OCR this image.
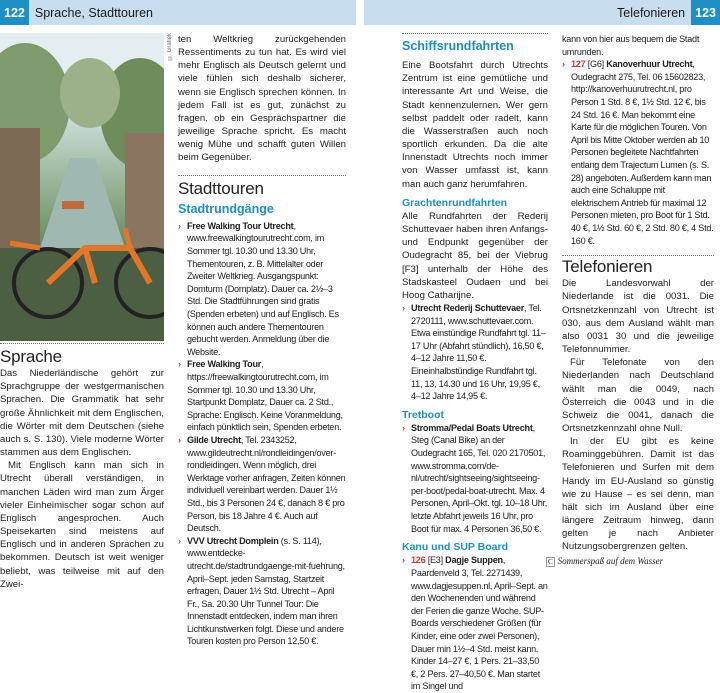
122 Sprache, Stadttouren	Telefonieren 123
© Grafiek
Sprache

Das Niederländische gehört zur Sprachgruppe der westgermanischen Sprachen. Die Grammatik hat sehr große Ähnlichkeit mit dem Englischen, die Wörter mit dem Deutschen (siehe auch s. S. 130). Viele moderne Wörter stammen aus dem Englischen.

Mit Englisch kann man sich in Utrecht überall verständigen, in manchen Läden wird man zum Ärger vieler Einheimischer sogar schon auf Englisch angesprochen. Auch Speisekarten sind meistens auf Englisch und in anderen Sprachen zu bekommen. Deutsch ist weit weniger beliebt, was teilweise mit auf den Zwei-

ten Weltkrieg zurückgehenden Ressentiments zu tun hat. Es wird viel mehr Englisch als Deutsch gelernt und viele fühlen sich deshalb sicherer, wenn sie Englisch sprechen können. In jedem Fall ist es gut, zunächst zu fragen, ob ein Gesprächspartner die jeweilige Sprache spricht. Es macht wenig Mühe und schafft guten Willen beim Gegenüber.

Stadttouren
Stadtrundgänge
› Free Walking Tour Utrecht, www.freewalkingtourutrecht.com, im Sommer tgl. 10.30 und 13.30 Uhr, Thementouren, z. B. Mittelalter oder Zweiter Weltkrieg. Ausgangspunkt: Domturm (Domplatz). Dauer ca. 2½–3 Std. Die Stadtführungen sind gratis (Spenden erbeten) und auf Englisch. Es können auch andere Thementouren gebucht werden. Anmeldung über die Website.
› Free Walking Tour, https://freewalkingtourutrecht.com, im Sommer tgl. 10.30 und 13.30 Uhr, Startpunkt Domplatz, Dauer ca. 2 Std., Sprache: Englisch. Keine Voranmeldung, einfach pünktlich sein, Spenden erbeten.
› Gilde Utrecht, Tel. 2343252, www.gildeutrecht.nl/rondleidingen/over-rondleidingen. Wenn möglich, drei Werktage vorher anfragen, Zeiten können individuell vereinbart werden. Dauer 1½ Std., bis 3 Personen 24 €, danach 8 € pro Person, bis 18 Jahre 4 €. Auch auf Deutsch.
› VVV Utrecht Domplein (s. S. 114), www.entdecke-utrecht.de/stadtrundgaenge-mit-fuehrung, April–Sept. jeden Samstag, Startzeit erfragen, Dauer 1½ Std. Utrecht – April Fr., Sa. 20.30 Uhr Tunnel Tour: Die Innenstadt entdecken, indem man ihren Lichtkunstwerken folgt. Diese und andere Touren kosten pro Person 12,50 €.
Schiffsrundfahrten

Eine Bootsfahrt durch Utrechts Zentrum ist eine gemütliche und interessante Art und Weise, die Stadt kennenzulernen. Wer gern selbst paddelt oder radelt, kann die Wasserstraßen auch noch sportlich erkunden. Da die alte Innenstadt Utrechts noch immer von Wasser umfasst ist, kann man auch ganz herumfahren.

Grachtenrundfahrten

Alle Rundfahrten der Rederij Schuttevaer haben ihren Anfangs- und Endpunkt gegenüber der Oudegracht 85, bei der Viebrug [F3] unterhalb der Höhe des Stadskasteel Oudaen und bei Hoog Catharijne.

› Utrecht Rederij Schuttevaer, Tel. 2720111, www.schuttevaer.com. Etwa einstündige Rundfahrt tgl. 11–17 Uhr (Abfahrt stündlich), 16,50 €, 4–12 Jahre 11,50 €. Eineinhalbstündige Rundfahrt tgl. 11, 13, 14.30 und 16 Uhr, 19,95 €, 4–12 Jahre 14,95 €.
Tretboot
› Stromma/Pedal Boats Utrecht, Steg (Canal Bike) an der Oudegracht 165, Tel. 020 2170501, www.stromma.com/de-nl/utrecht/sightseeing/sightseeing-per-boot/pedal-boat-utrecht. Max. 4 Personen, April–Okt. tgl. 10–18 Uhr, letzte Abfahrt jeweils 16 Uhr, pro Boot für max. 4 Personen 36,50 €.
Kanu und SUP Board
› 126 [E3] Dagje Suppen, Paardenveld 3, Tel. 2271439, www.dagjesuppen.nl, April–Sept. an den Wochenenden und während der Ferien die ganze Woche. SUP-Boards verschiedener Größen (für Kinder, eine oder zwei Personen), Dauer min 1½–4 Std. meist kann. Kinder 14–27 €, 1 Pers. 21–33,50 €, 2 Pers. 27–40,50 €. Man startet im Singel und
kann von hier aus bequem die Stadt umrunden.
› 127 [G6] Kanoverhuur Utrecht, Oudegracht 275, Tel. 06 15602823, http://kanoverhuurutrecht.nl, pro Person 1 Std. 8 €, 1½ Std. 12 €, bis 24 Std. 16 €. Man bekommt eine Karte für die möglichen Touren. Von April bis Mitte Oktober werden ab 10 Personen begleitete Nachtfahrten entlang dem Trajectum Lumen (s. S. 28) angeboten. Außerdem kann man auch eine Schaluppe mit elektrischem Antrieb für maximal 12 Personen mieten, pro Boot für 1 Std. 40 €, 1½ Std. 60 €, 2 Std. 80 €, 4 Std. 160 €.
Telefonieren

Die Landesvorwahl der Niederlande ist die 0031. Die Ortsnetzkennzahl von Utrecht ist 030, aus dem Ausland wählt man also 0031 30 und die jeweilige Telefonnummer.

Für Telefonate von den Niederlanden nach Deutschland wählt man die 0049, nach Österreich die 0043 und in die Schweiz die 0041, danach die Ortsnetzkennzahl ohne Null.

In der EU gibt es keine Roaminggebühren. Damit ist das Telefonieren und Surfen mit dem Handy im EU-Ausland so günstig wie zu Hause – es sei denn, man hält sich im Ausland über eine längere Zeitraum hinweg, dann gelten je nach Anbieter Nutzungsobergrenzen gelten.

C Sommerspaß auf dem Wasser
